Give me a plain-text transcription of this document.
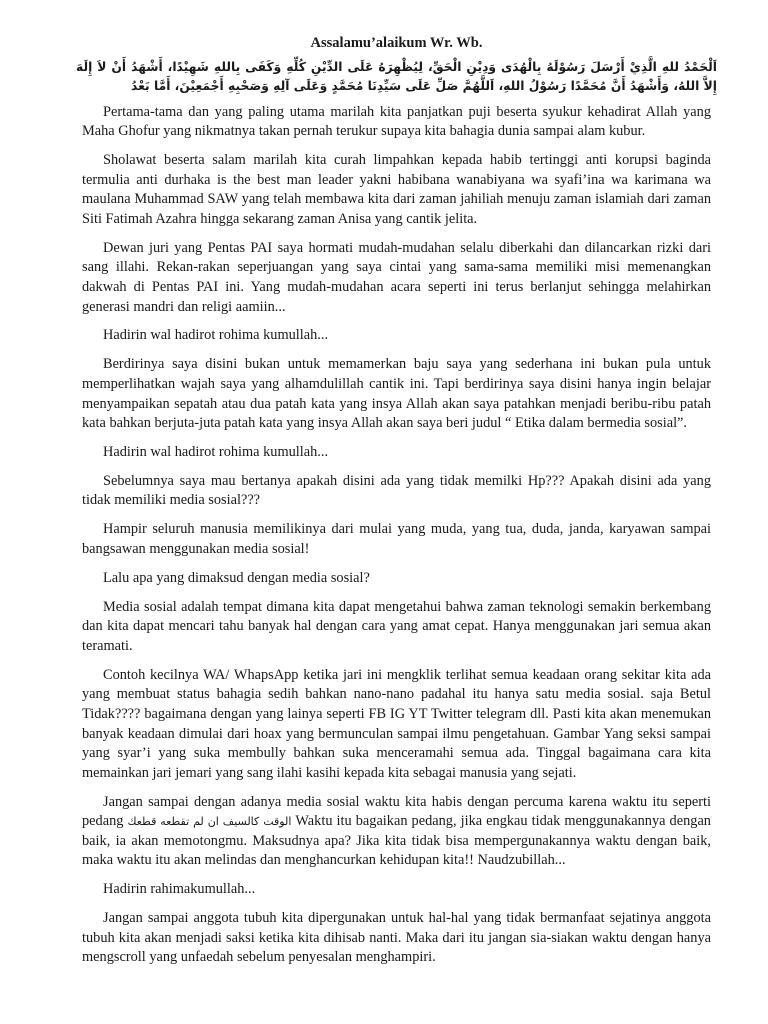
Assalamu’alaikum Wr. Wb.
اَلْحَمْدُ للهِ الَّذِيْ أَرْسَلَ رَسُوْلَهُ بِالْهُدَى وَدِيْنِ الْحَقِّ، لِيُظْهِرَهُ عَلَى الدِّيْنِ كُلِّهِ وَكَفَى بِاللهِ شَهِيْدًا، أَشْهَدُ أَنْ لاَ إِلَهَ إِلاَّ اللهُ، وَأَشْهَدُ أَنَّ مُحَمَّدًا رَسُوْلُ اللهِ، اَللَّهُمَّ صَلِّ عَلَى سَيِّدِنَا مُحَمَّدٍ وَعَلَى آلِهِ وَصَحْبِهِ أَجْمَعِيْنَ، أَمَّا بَعْدُ

Pertama-tama dan yang paling utama marilah kita panjatkan puji beserta syukur kehadirat Allah yang Maha Ghofur yang nikmatnya takan pernah terukur supaya kita bahagia dunia sampai alam kubur.

Sholawat beserta salam marilah kita curah limpahkan kepada habib tertinggi anti korupsi baginda termulia anti durhaka is the best man leader yakni habibana wanabiyana wa syafi’ina wa karimana wa maulana Muhammad SAW yang telah membawa kita dari zaman jahiliah menuju zaman islamiah dari zaman Siti Fatimah Azahra hingga sekarang zaman Anisa yang cantik jelita.

Dewan juri yang Pentas PAI saya hormati mudah-mudahan selalu diberkahi dan dilancarkan rizki dari sang illahi. Rekan-rakan seperjuangan yang saya cintai yang sama-sama memiliki misi memenangkan dakwah di Pentas PAI ini. Yang mudah-mudahan acara seperti ini terus berlanjut sehingga melahirkan generasi mandri dan religi aamiin...

Hadirin wal hadirot rohima kumullah...

Berdirinya saya disini bukan untuk memamerkan baju saya yang sederhana ini bukan pula untuk memperlihatkan wajah saya yang alhamdulillah cantik ini. Tapi berdirinya saya disini hanya ingin belajar menyampaikan sepatah atau dua patah kata yang insya Allah akan saya patahkan menjadi beribu-ribu patah kata bahkan berjuta-juta patah kata yang insya Allah akan saya beri judul “ Etika dalam bermedia sosial”.

Hadirin wal hadirot rohima kumullah...

Sebelumnya saya mau bertanya apakah disini ada yang tidak memilki Hp??? Apakah disini ada yang tidak memiliki media sosial???

Hampir seluruh manusia memilikinya dari mulai yang muda, yang tua, duda, janda, karyawan sampai bangsawan menggunakan media sosial!

Lalu apa yang dimaksud dengan media sosial?

Media sosial adalah tempat dimana kita dapat mengetahui bahwa zaman teknologi semakin berkembang dan kita dapat mencari tahu banyak hal dengan cara yang amat cepat. Hanya menggunakan jari semua akan teramati.

Contoh kecilnya WA/ WhapsApp ketika jari ini mengklik terlihat semua keadaan orang sekitar kita ada yang membuat status bahagia sedih bahkan nano-nano padahal itu hanya satu media sosial. saja Betul Tidak???? bagaimana dengan yang lainya seperti FB IG YT Twitter telegram dll. Pasti kita akan menemukan banyak keadaan dimulai dari hoax yang bermunculan sampai ilmu pengetahuan. Gambar Yang seksi sampai yang syar’i yang suka membully bahkan suka menceramahi semua ada. Tinggal bagaimana cara kita memainkan jari jemari yang sang ilahi kasihi kepada kita sebagai manusia yang sejati.

Jangan sampai dengan adanya media sosial waktu kita habis dengan percuma karena waktu itu seperti pedang الوقت كالسيف ان لم تقطعه قطعك Waktu itu bagaikan pedang, jika engkau tidak menggunakannya dengan baik, ia akan memotongmu. Maksudnya apa? Jika kita tidak bisa mempergunakannya waktu dengan baik, maka waktu itu akan melindas dan menghancurkan kehidupan kita!! Naudzubillah...

Hadirin rahimakumullah...

Jangan sampai anggota tubuh kita dipergunakan untuk hal-hal yang tidak bermanfaat sejatinya anggota tubuh kita akan menjadi saksi ketika kita dihisab nanti. Maka dari itu jangan sia-siakan waktu dengan hanya mengscroll yang unfaedah sebelum penyesalan menghampiri.
